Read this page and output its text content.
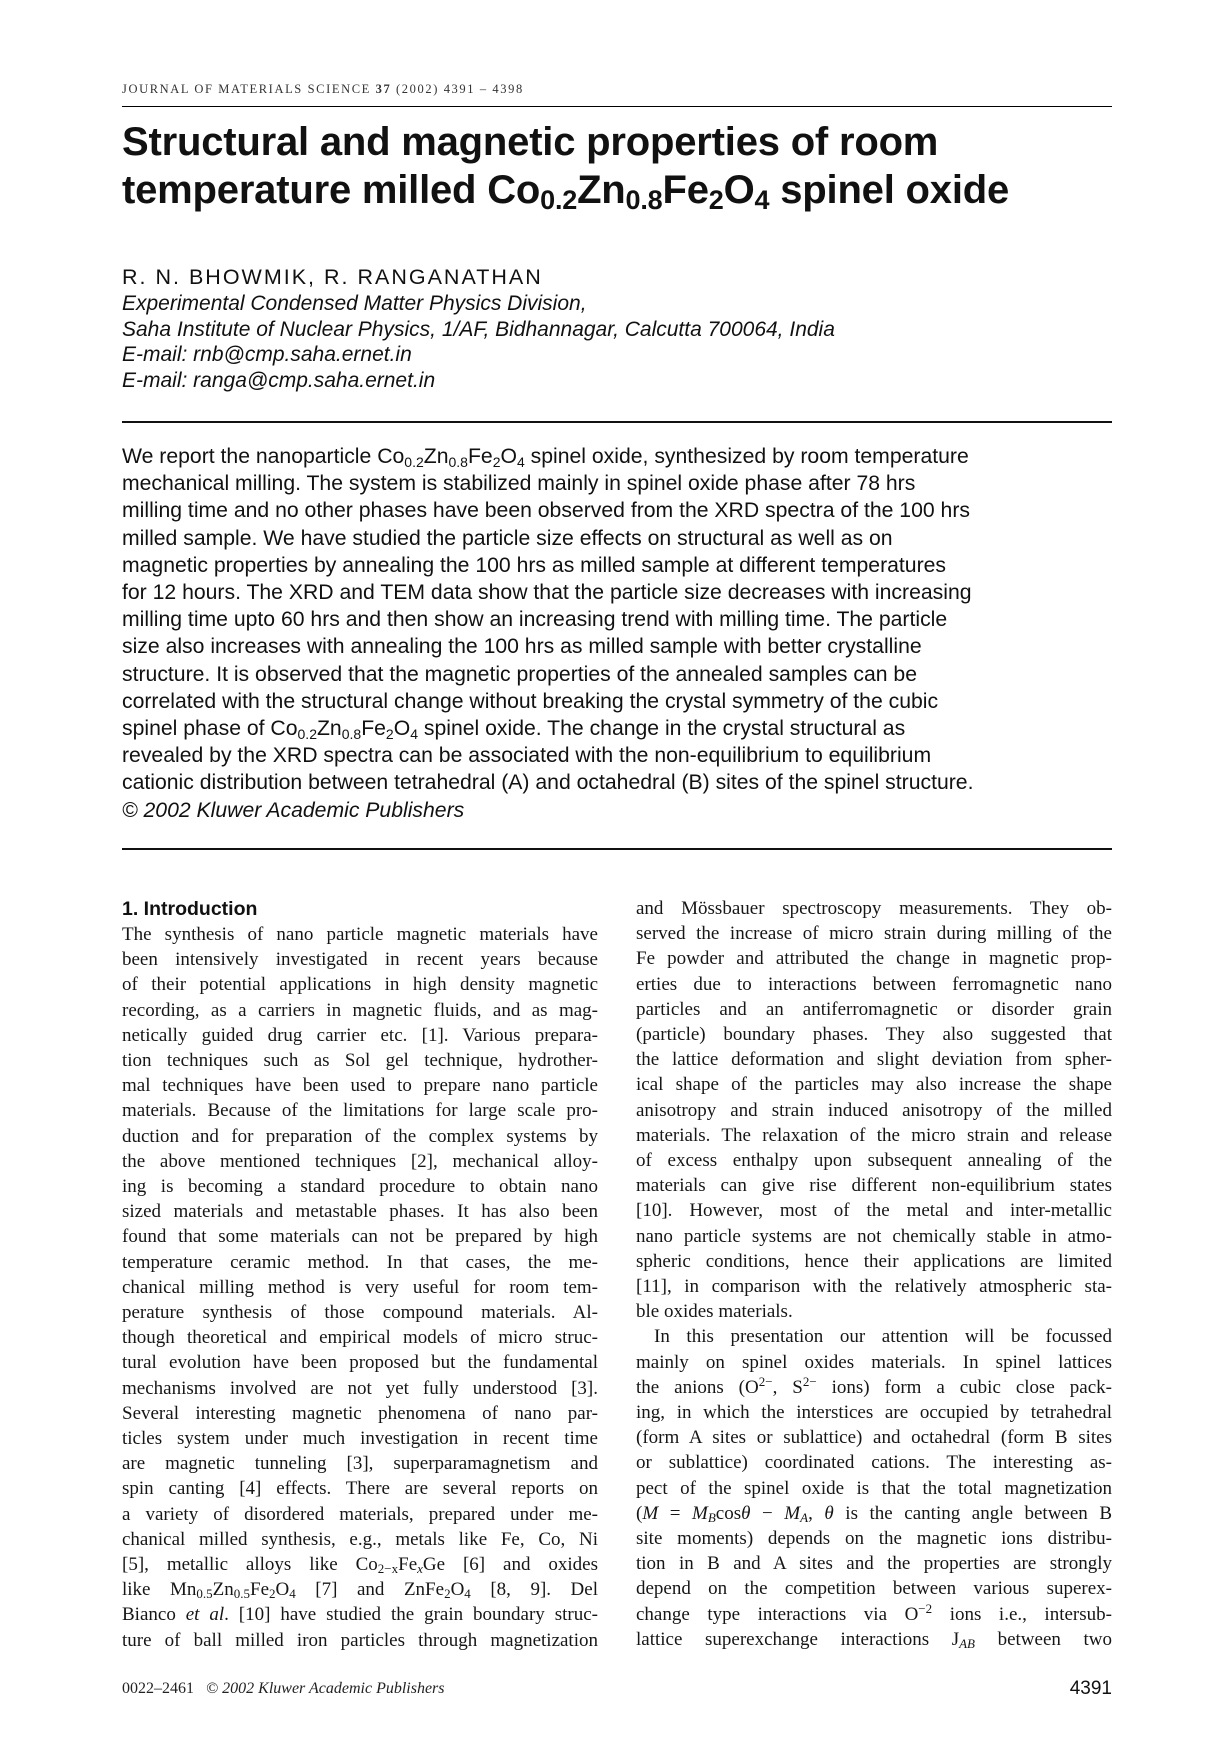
JOURNAL OF MATERIALS SCIENCE 37 (2002) 4391 – 4398
Structural and magnetic properties of room
temperature milled $Co_{0.2}Zn_{0.8}Fe_2O_4$ spinel oxide
R. N. BHOWMIK, R. RANGANATHAN
Experimental Condensed Matter Physics Division,
Saha Institute of Nuclear Physics, 1/AF, Bidhannagar, Calcutta 700064, India
E-mail: rnb@cmp.saha.ernet.in
E-mail: ranga@cmp.saha.ernet.in
We report the nanoparticle $Co_{0.2}Zn_{0.8}Fe_2O_4$ spinel oxide, synthesized by room temperature
mechanical milling. The system is stabilized mainly in spinel oxide phase after 78 hrs
milling time and no other phases have been observed from the XRD spectra of the 100 hrs
milled sample. We have studied the particle size effects on structural as well as on
magnetic properties by annealing the 100 hrs as milled sample at different temperatures
for 12 hours. The XRD and TEM data show that the particle size decreases with increasing
milling time upto 60 hrs and then show an increasing trend with milling time. The particle
size also increases with annealing the 100 hrs as milled sample with better crystalline
structure. It is observed that the magnetic properties of the annealed samples can be
correlated with the structural change without breaking the crystal symmetry of the cubic
spinel phase of $Co_{0.2}Zn_{0.8}Fe_2O_4$ spinel oxide. The change in the crystal structural as
revealed by the XRD spectra can be associated with the non-equilibrium to equilibrium
cationic distribution between tetrahedral (A) and octahedral (B) sites of the spinel structure.
© 2002 Kluwer Academic Publishers
1. Introduction
The synthesis of nano particle magnetic materials have
been intensively investigated in recent years because
of their potential applications in high density magnetic
recording, as a carriers in magnetic fluids, and as mag-
netically guided drug carrier etc. [1]. Various prepara-
tion techniques such as Sol gel technique, hydrother-
mal techniques have been used to prepare nano particle
materials. Because of the limitations for large scale pro-
duction and for preparation of the complex systems by
the above mentioned techniques [2], mechanical alloy-
ing is becoming a standard procedure to obtain nano
sized materials and metastable phases. It has also been
found that some materials can not be prepared by high
temperature ceramic method. In that cases, the me-
chanical milling method is very useful for room tem-
perature synthesis of those compound materials. Al-
though theoretical and empirical models of micro struc-
tural evolution have been proposed but the fundamental
mechanisms involved are not yet fully understood [3].
Several interesting magnetic phenomena of nano par-
ticles system under much investigation in recent time
are magnetic tunneling [3], superparamagnetism and
spin canting [4] effects. There are several reports on
a variety of disordered materials, prepared under me-
chanical milled synthesis, e.g., metals like Fe, Co, Ni
[5], metallic alloys like $Co_{2-x}Fe_xGe$ [6] and oxides
like $Mn_{0.5}Zn_{0.5}Fe_2O_4$ [7] and $ZnFe_2O_4$ [8, 9]. Del
Bianco et al. [10] have studied the grain boundary struc-
ture of ball milled iron particles through magnetization
and Mössbauer spectroscopy measurements. They ob-
served the increase of micro strain during milling of the
Fe powder and attributed the change in magnetic prop-
erties due to interactions between ferromagnetic nano
particles and an antiferromagnetic or disorder grain
(particle) boundary phases. They also suggested that
the lattice deformation and slight deviation from spher-
ical shape of the particles may also increase the shape
anisotropy and strain induced anisotropy of the milled
materials. The relaxation of the micro strain and release
of excess enthalpy upon subsequent annealing of the
materials can give rise different non-equilibrium states
[10]. However, most of the metal and inter-metallic
nano particle systems are not chemically stable in atmo-
spheric conditions, hence their applications are limited
[11], in comparison with the relatively atmospheric sta-
ble oxides materials.
In this presentation our attention will be focussed
mainly on spinel oxides materials. In spinel lattices
the anions ($O^{2-}$, $S^{2-}$ ions) form a cubic close pack-
ing, in which the interstices are occupied by tetrahedral
(form A sites or sublattice) and octahedral (form B sites
or sublattice) coordinated cations. The interesting as-
pect of the spinel oxide is that the total magnetization
($M = M_B\cos\theta - M_A$, θ is the canting angle between B
site moments) depends on the magnetic ions distribu-
tion in B and A sites and the properties are strongly
depend on the competition between various superex-
change type interactions via $O^{-2}$ ions i.e., intersub-
lattice superexchange interactions $J_{AB}$ between two
0022–2461 © 2002 Kluwer Academic Publishers	4391
